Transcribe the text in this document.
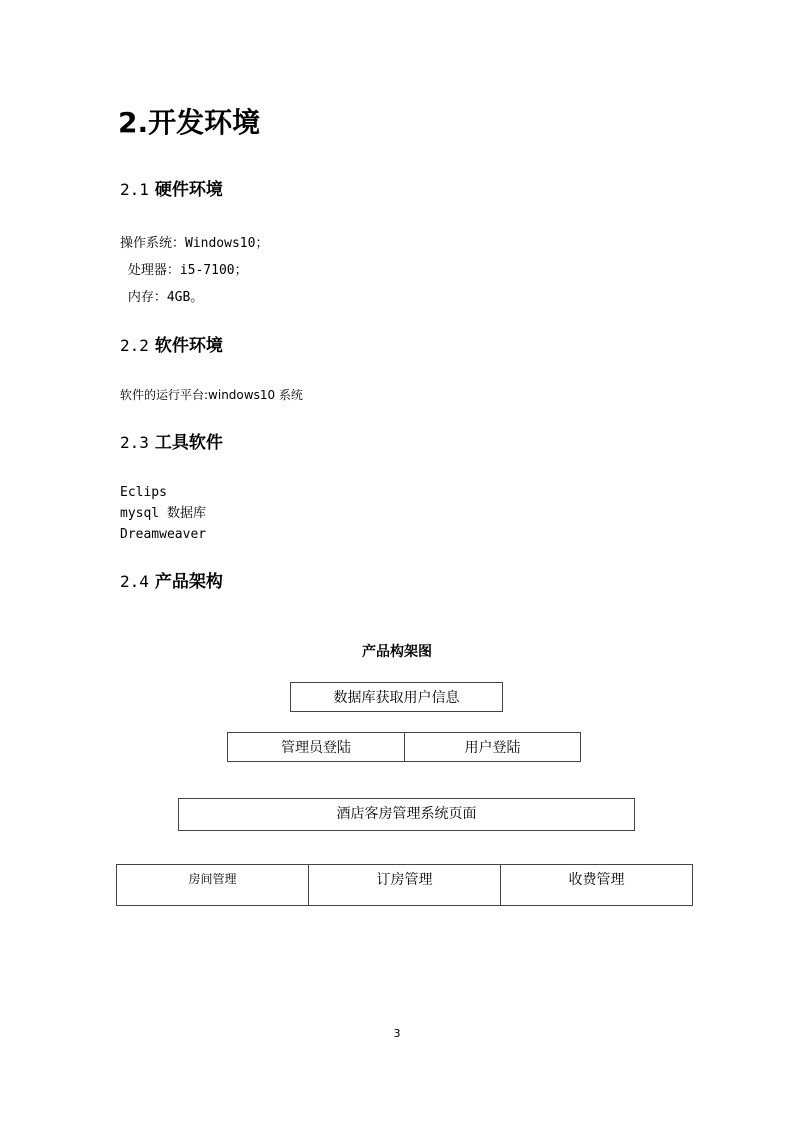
2.开发环境
2.1 硬件环境
操作系统：Windows10；
处理器：i5-7100；
内存：4GB。
2.2 软件环境
软件的运行平台:windows10 系统
2.3 工具软件
Eclips
mysql 数据库
Dreamweaver
2.4 产品架构
产品构架图
数据库获取用户信息
管理员登陆	用户登陆
酒店客房管理系统页面
房间管理	订房管理	收费管理
3
